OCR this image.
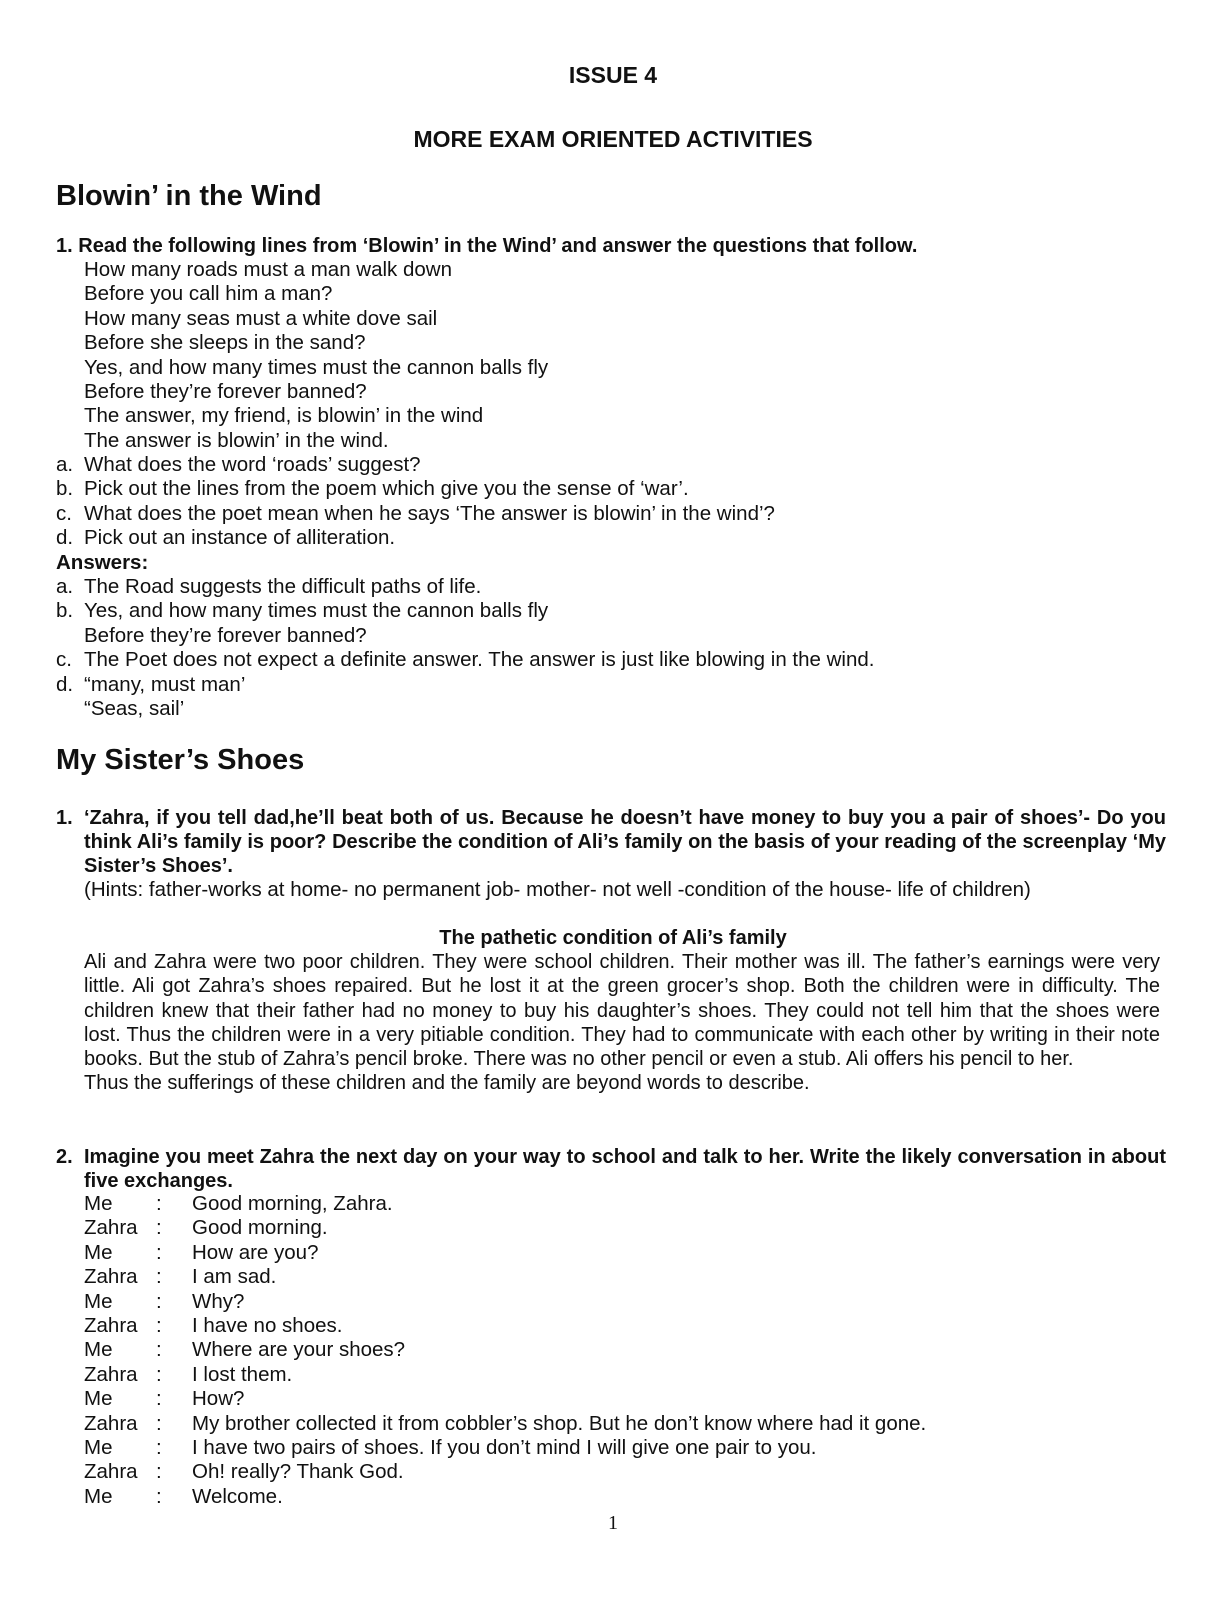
ISSUE 4
MORE EXAM ORIENTED ACTIVITIES
Blowin’ in the Wind
1. Read the following lines from ‘Blowin’ in the Wind’ and answer the questions that follow.
How many roads must a man walk down
Before you call him a man?
How many seas must a white dove sail
Before she sleeps in the sand?
Yes, and how many times must the cannon balls fly
Before they’re forever banned?
The answer, my friend, is blowin’ in the wind
The answer is blowin’ in the wind.
a. What does the word ‘roads’ suggest?
b. Pick out the lines from the poem which give you the sense of ‘war’.
c. What does the poet mean when he says ‘The answer is blowin’ in the wind’?
d. Pick out an instance of alliteration.
Answers:
a. The Road suggests the difficult paths of life.
b. Yes, and how many times must the cannon balls fly
Before they’re forever banned?
c. The Poet does not expect a definite answer. The answer is just like blowing in the wind.
d. “many, must man’
“Seas, sail’
My Sister’s Shoes
1. ‘Zahra, if you tell dad,he’ll beat both of us. Because he doesn’t have money to buy you a pair of shoes’- Do you think Ali’s family is poor? Describe the condition of Ali’s family on the basis of your reading of the screenplay ‘My Sister’s Shoes’.
(Hints: father-works at home- no permanent job- mother- not well -condition of the house- life of children)
The pathetic condition of Ali’s family
Ali and Zahra were two poor children. They were school children. Their mother was ill. The father’s earnings were very little. Ali got Zahra’s shoes repaired. But he lost it at the green grocer’s shop. Both the children were in difficulty. The children knew that their father had no money to buy his daughter’s shoes. They could not tell him that the shoes were lost. Thus the children were in a very pitiable condition. They had to communicate with each other by writing in their note books. But the stub of Zahra’s pencil broke. There was no other pencil or even a stub. Ali offers his pencil to her.
Thus the sufferings of these children and the family are beyond words to describe.
2. Imagine you meet Zahra the next day on your way to school and talk to her. Write the likely conversation in about five exchanges.
Me	:	Good morning, Zahra.
Zahra :	Good morning.
Me	:	How are you?
Zahra :	I am sad.
Me	:	Why?
Zahra :	I have no shoes.
Me	:	Where are your shoes?
Zahra :	I lost them.
Me	:	How?
Zahra :	My brother collected it from cobbler’s shop. But he don’t know where had it gone.
Me	:	I have two pairs of shoes. If you don’t mind I will give one pair to you.
Zahra :	Oh! really? Thank God.
Me	:	Welcome.
1
